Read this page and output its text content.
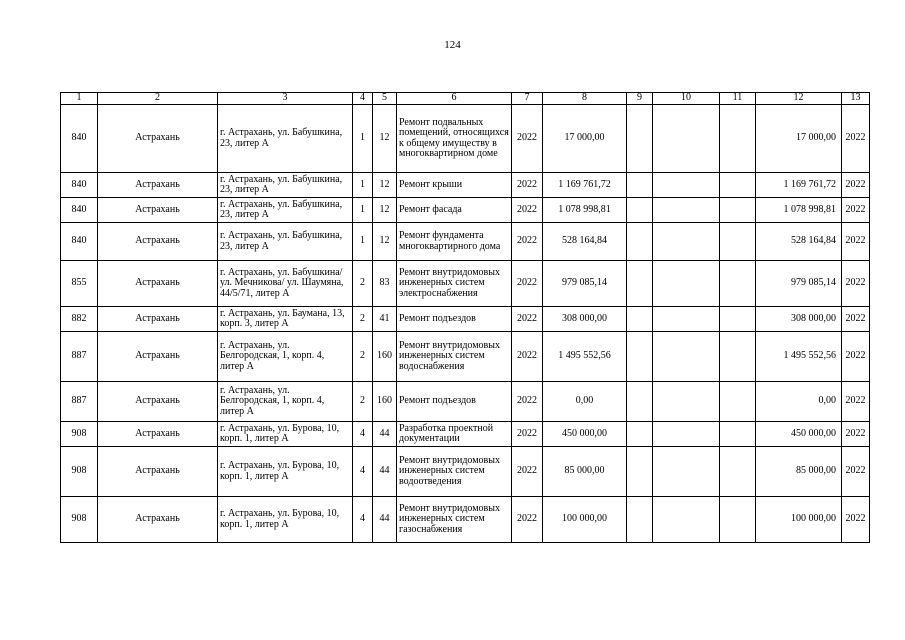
124
1	2	3	4	5	6	7	8	9	10	11	12	13
840	Астрахань	г. Астрахань, ул. Бабушкина, 23, литер А	1	12	Ремонт подвальных помещений, относящихся к общему имуществу в многоквартирном доме	2022	17 000,00				17 000,00	2022
840	Астрахань	г. Астрахань, ул. Бабушкина, 23, литер А	1	12	Ремонт крыши	2022	1 169 761,72				1 169 761,72	2022
840	Астрахань	г. Астрахань, ул. Бабушкина, 23, литер А	1	12	Ремонт фасада	2022	1 078 998,81				1 078 998,81	2022
840	Астрахань	г. Астрахань, ул. Бабушкина, 23, литер А	1	12	Ремонт фундамента многоквартирного дома	2022	528 164,84				528 164,84	2022
855	Астрахань	г. Астрахань, ул. Бабушкина/ ул. Мечникова/ ул. Шаумяна, 44/5/71, литер А	2	83	Ремонт внутридомовых инженерных систем электроснабжения	2022	979 085,14				979 085,14	2022
882	Астрахань	г. Астрахань, ул. Баумана, 13, корп. 3, литер А	2	41	Ремонт подъездов	2022	308 000,00				308 000,00	2022
887	Астрахань	г. Астрахань, ул. Белгородская, 1, корп. 4, литер А	2	160	Ремонт внутридомовых инженерных систем водоснабжения	2022	1 495 552,56				1 495 552,56	2022
887	Астрахань	г. Астрахань, ул. Белгородская, 1, корп. 4, литер А	2	160	Ремонт подъездов	2022	0,00				0,00	2022
908	Астрахань	г. Астрахань, ул. Бурова, 10, корп. 1, литер А	4	44	Разработка проектной документации	2022	450 000,00				450 000,00	2022
908	Астрахань	г. Астрахань, ул. Бурова, 10, корп. 1, литер А	4	44	Ремонт внутридомовых инженерных систем водоотведения	2022	85 000,00				85 000,00	2022
908	Астрахань	г. Астрахань, ул. Бурова, 10, корп. 1, литер А	4	44	Ремонт внутридомовых инженерных систем газоснабжения	2022	100 000,00				100 000,00	2022
